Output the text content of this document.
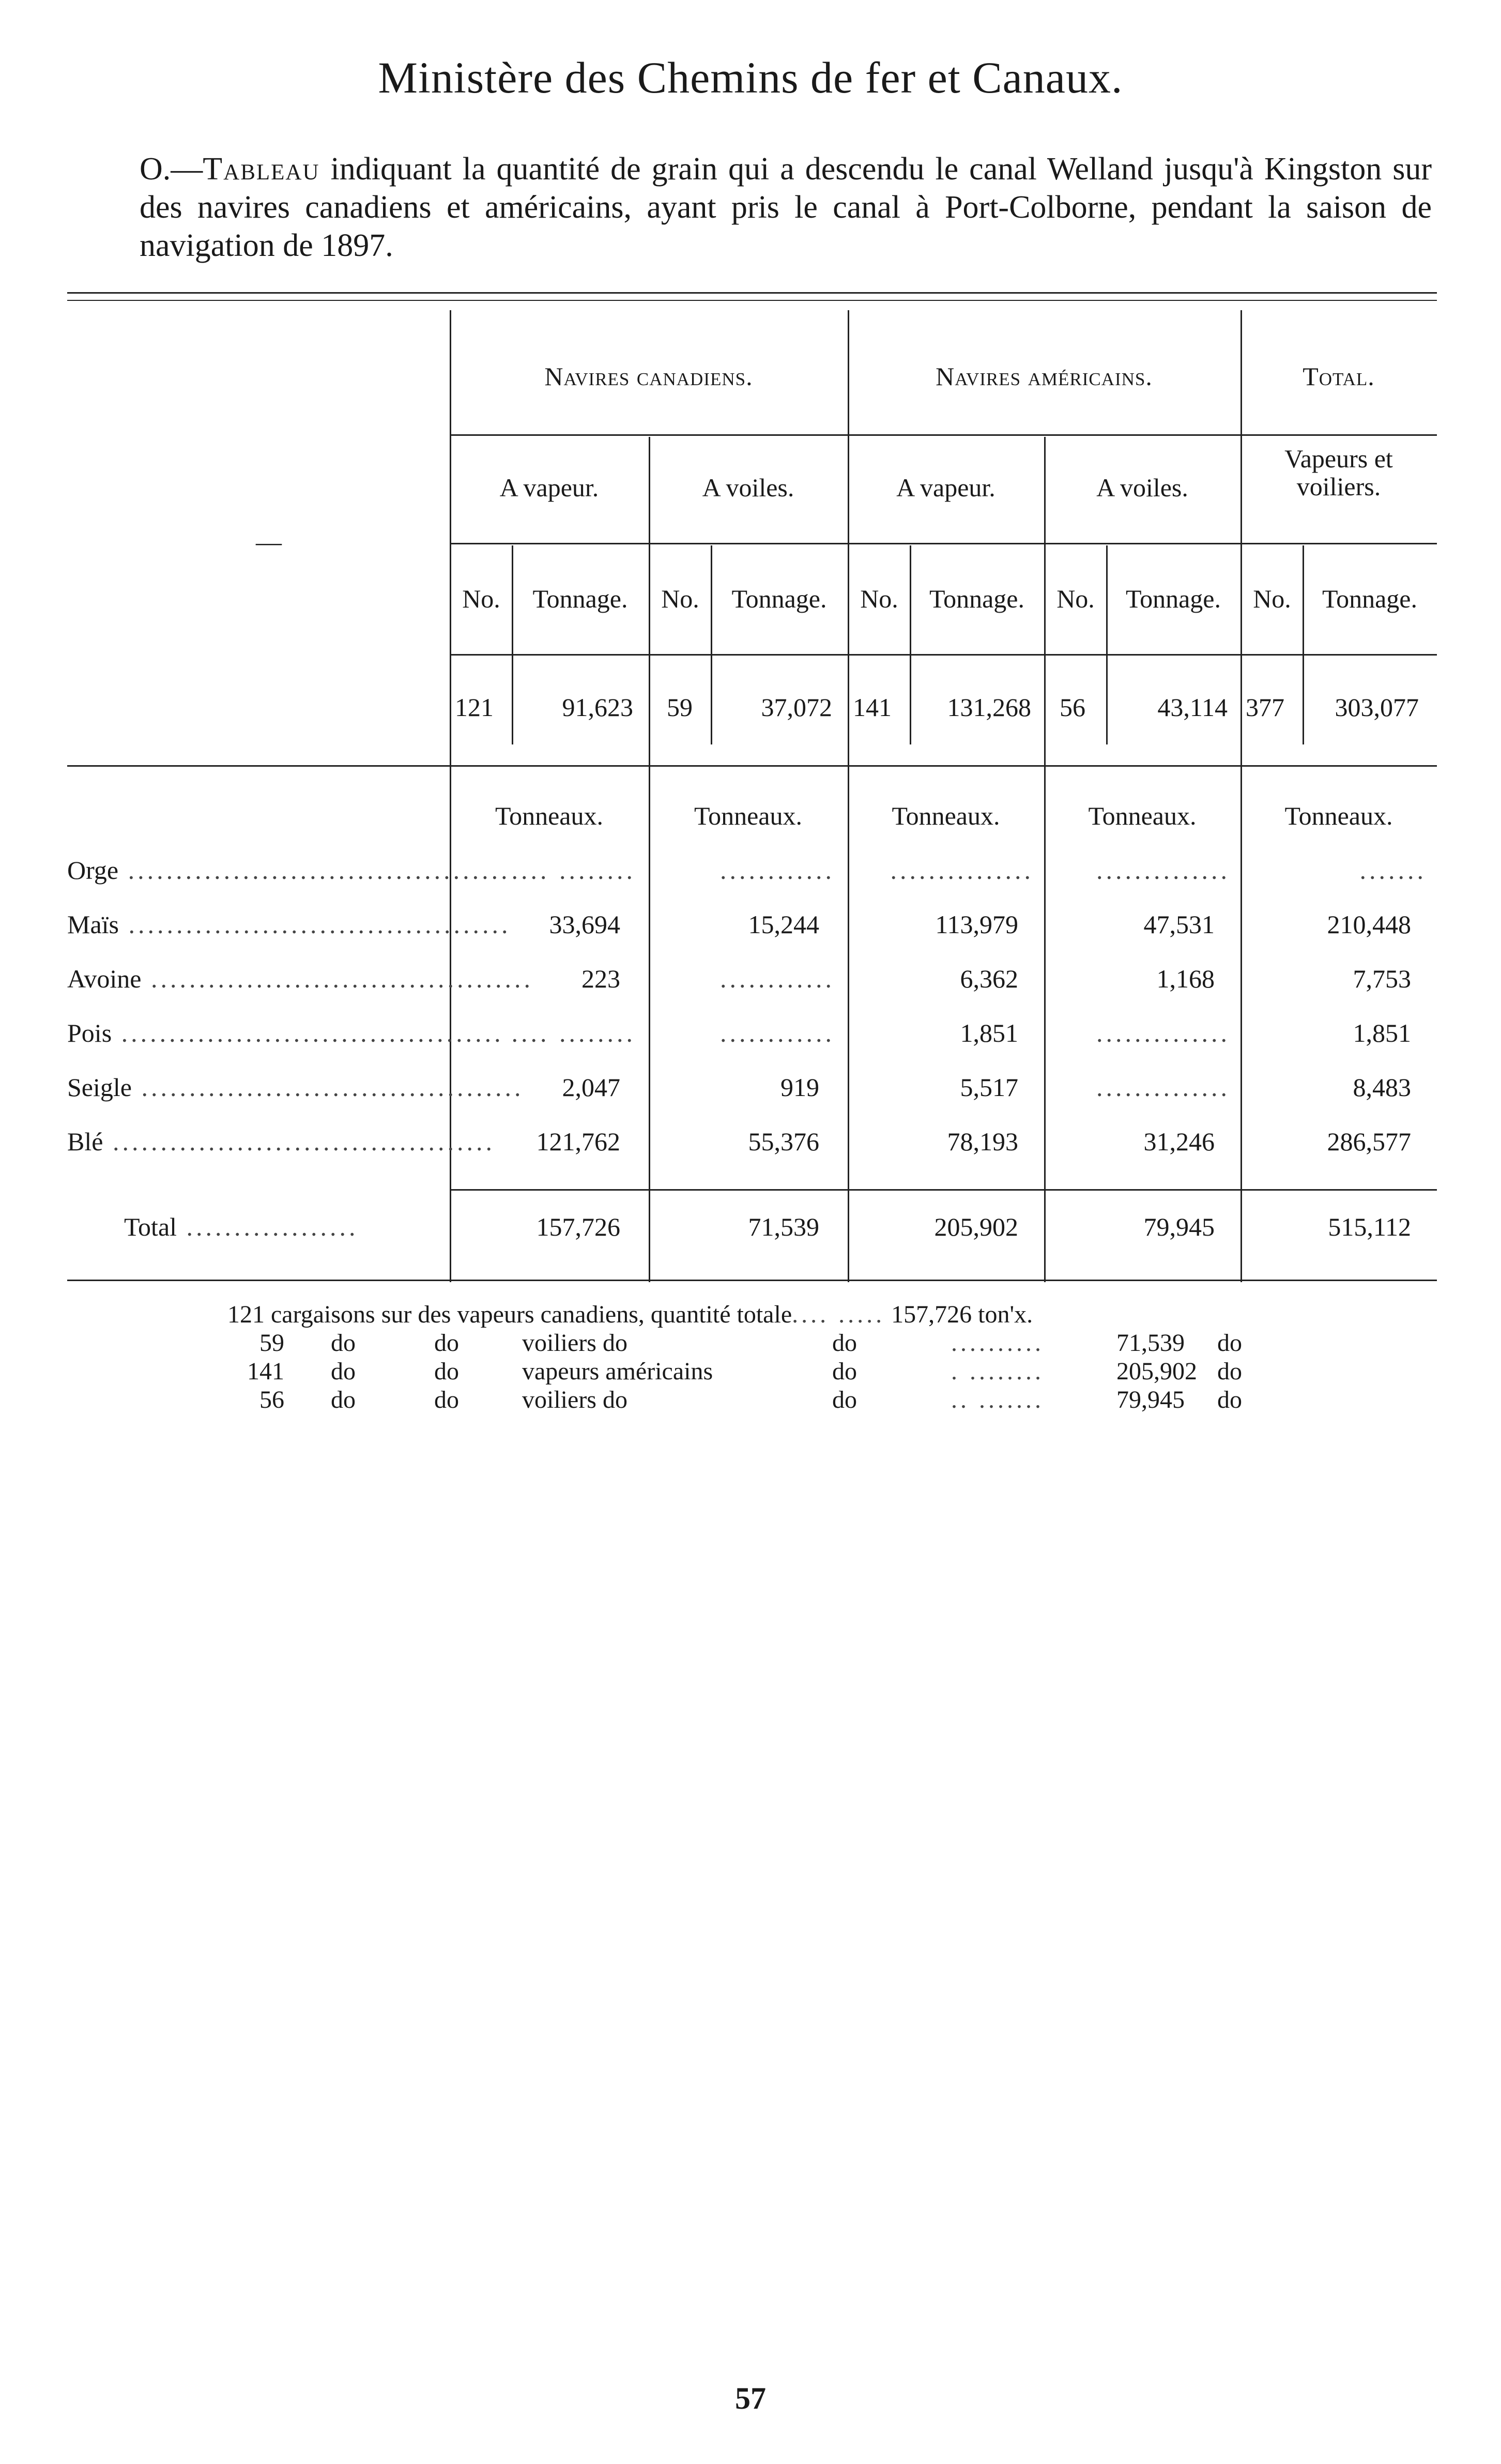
Ministère des Chemins de fer et Canaux.
O.—Tableau indiquant la quantité de grain qui a descendu le canal Welland jusqu'à Kingston sur des navires canadiens et américains, ayant pris le canal à Port-Colborne, pendant la saison de navigation de 1897.
—
Navires canadiens.	Navires américains.	Total.
A vapeur.	A voiles.	A vapeur.	A voiles.
Vapeurs et voiliers.
No.	Tonnage.	No.	Tonnage.	No.	Tonnage.	No.	Tonnage.	No.	Tonnage.
121	91,623 59	37,072 141	131,268 56	43,114 377	303,077
Tonneaux.	Tonneaux.	Tonneaux.	Tonneaux.	Tonneaux.
Orge ........................................ .... ........	............	...............	..............	.......
Maïs ........................................	33,694	15,244	113,979	47,531	210,448
Avoine ........................................	223	............	6,362	1,168	7,753
Pois ........................................ .... ........	............	1,851	..............	1,851
Seigle ........................................	2,047	919	5,517	..............	8,483
Blé ........................................	121,762	55,376	78,193	31,246	286,577
Total ..................	157,726	71,539	205,902	79,945	515,112
121 cargaisons sur des vapeurs canadiens, quantité totale.... ..... 157,726 ton'x.
59 do	do	voiliers do	do	..........	71,539 do
141 do	do	vapeurs américains	do	. ........	205,902 do
56 do	do	voiliers do	do	.. .......	79,945 do
57
